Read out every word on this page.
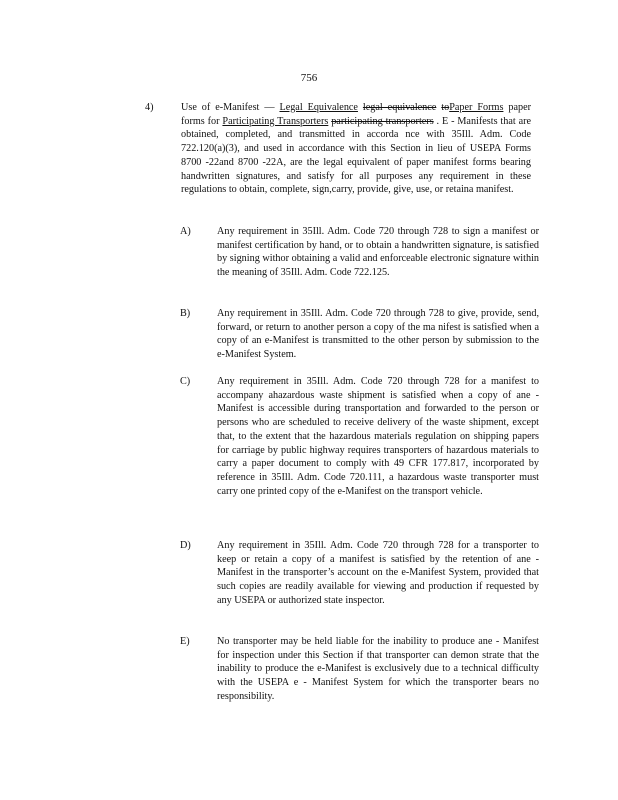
756
4)	Use of e-Manifest — Legal Equivalence legal equivalence toPaper Forms paper forms for Participating Transporters participating transporters . E - Manifests that are obtained, completed, and transmitted in accorda nce with 35Ill. Adm. Code 722.120(a)(3), and used in accordance with this Section in lieu of USEPA Forms 8700 -22and 8700 -22A, are the legal equivalent of paper manifest forms bearing handwritten signatures, and satisfy for all purposes any requirement in these regulations to obtain, complete, sign,carry, provide, give, use, or retaina manifest.
A)	Any requirement in 35Ill. Adm. Code 720 through 728 to sign a manifest or manifest certification by hand, or to obtain a handwritten signature, is satisfied by signing withor obtaining a valid and enforceable electronic signature within the meaning of 35Ill. Adm. Code 722.125.
B)	Any requirement in 35Ill. Adm. Code 720 through 728 to give, provide, send, forward, or return to another person a copy of the ma nifest is satisfied when a copy of an e-Manifest is transmitted to the other person by submission to the e-Manifest System.
C)	Any requirement in 35Ill. Adm. Code 720 through 728 for a manifest to accompany ahazardous waste shipment is satisfied when a copy of ane - Manifest is accessible during transportation and forwarded to the person or persons who are scheduled to receive delivery of the waste shipment, except that, to the extent that the hazardous materials regulation on shipping papers for carriage by public highway requires transporters of hazardous materials to carry a paper document to comply with 49 CFR 177.817, incorporated by reference in 35Ill. Adm. Code 720.111, a hazardous waste transporter must carry one printed copy of the e-Manifest on the transport vehicle.
D)	Any requirement in 35Ill. Adm. Code 720 through 728 for a transporter to keep or retain a copy of a manifest is satisfied by the retention of ane - Manifest in the transporter’s account on the e-Manifest System, provided that such copies are readily available for viewing and production if requested by any USEPA or authorized state inspector.
E)	No transporter may be held liable for the inability to produce ane - Manifest for inspection under this Section if that transporter can demon strate that the inability to produce the e-Manifest is exclusively due to a technical difficulty with the USEPA e - Manifest System for which the transporter bears no responsibility.
